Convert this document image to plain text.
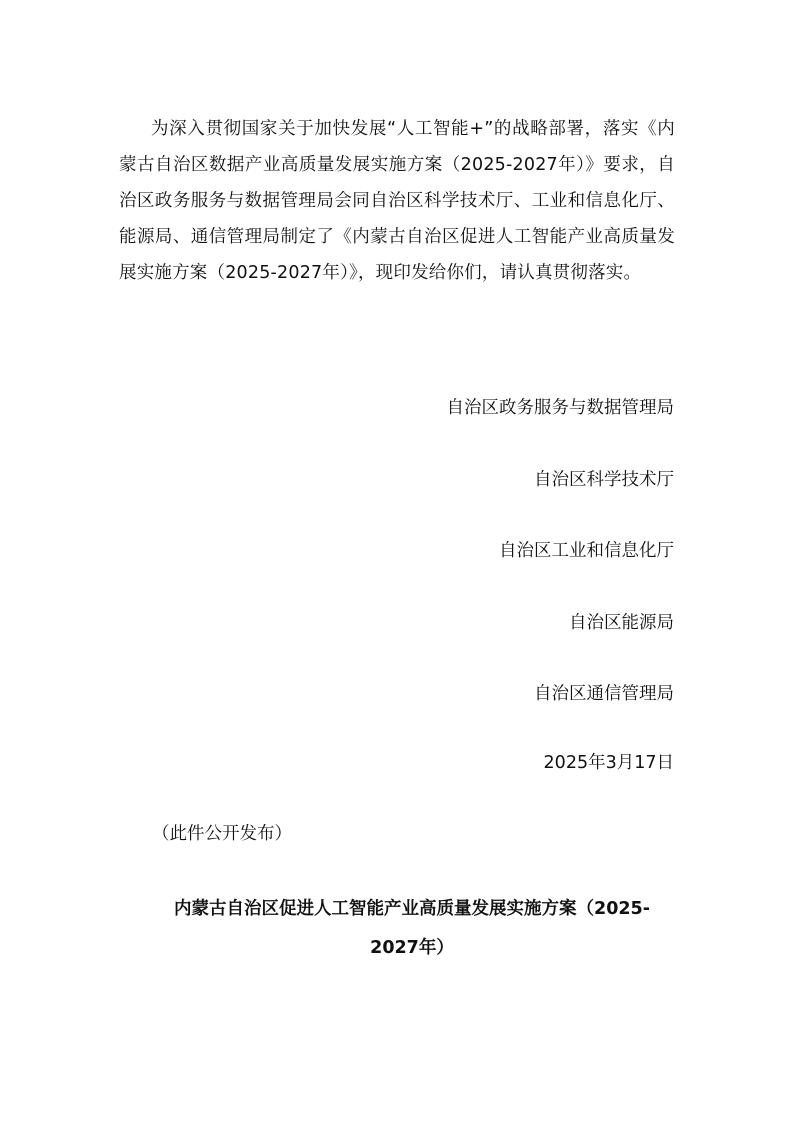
为深入贯彻国家关于加快发展“人工智能+”的战略部署，落实《内蒙古自治区数据产业高质量发展实施方案（2025-2027年）》要求，自治区政务服务与数据管理局会同自治区科学技术厅、工业和信息化厅、能源局、通信管理局制定了《内蒙古自治区促进人工智能产业高质量发展实施方案（2025-2027年）》，现印发给你们，请认真贯彻落实。

自治区政务服务与数据管理局
自治区科学技术厅
自治区工业和信息化厅
自治区能源局
自治区通信管理局

2025年3月17日

（此件公开发布）

内蒙古自治区促进人工智能产业高质量发展实施方案（2025-2027年）
